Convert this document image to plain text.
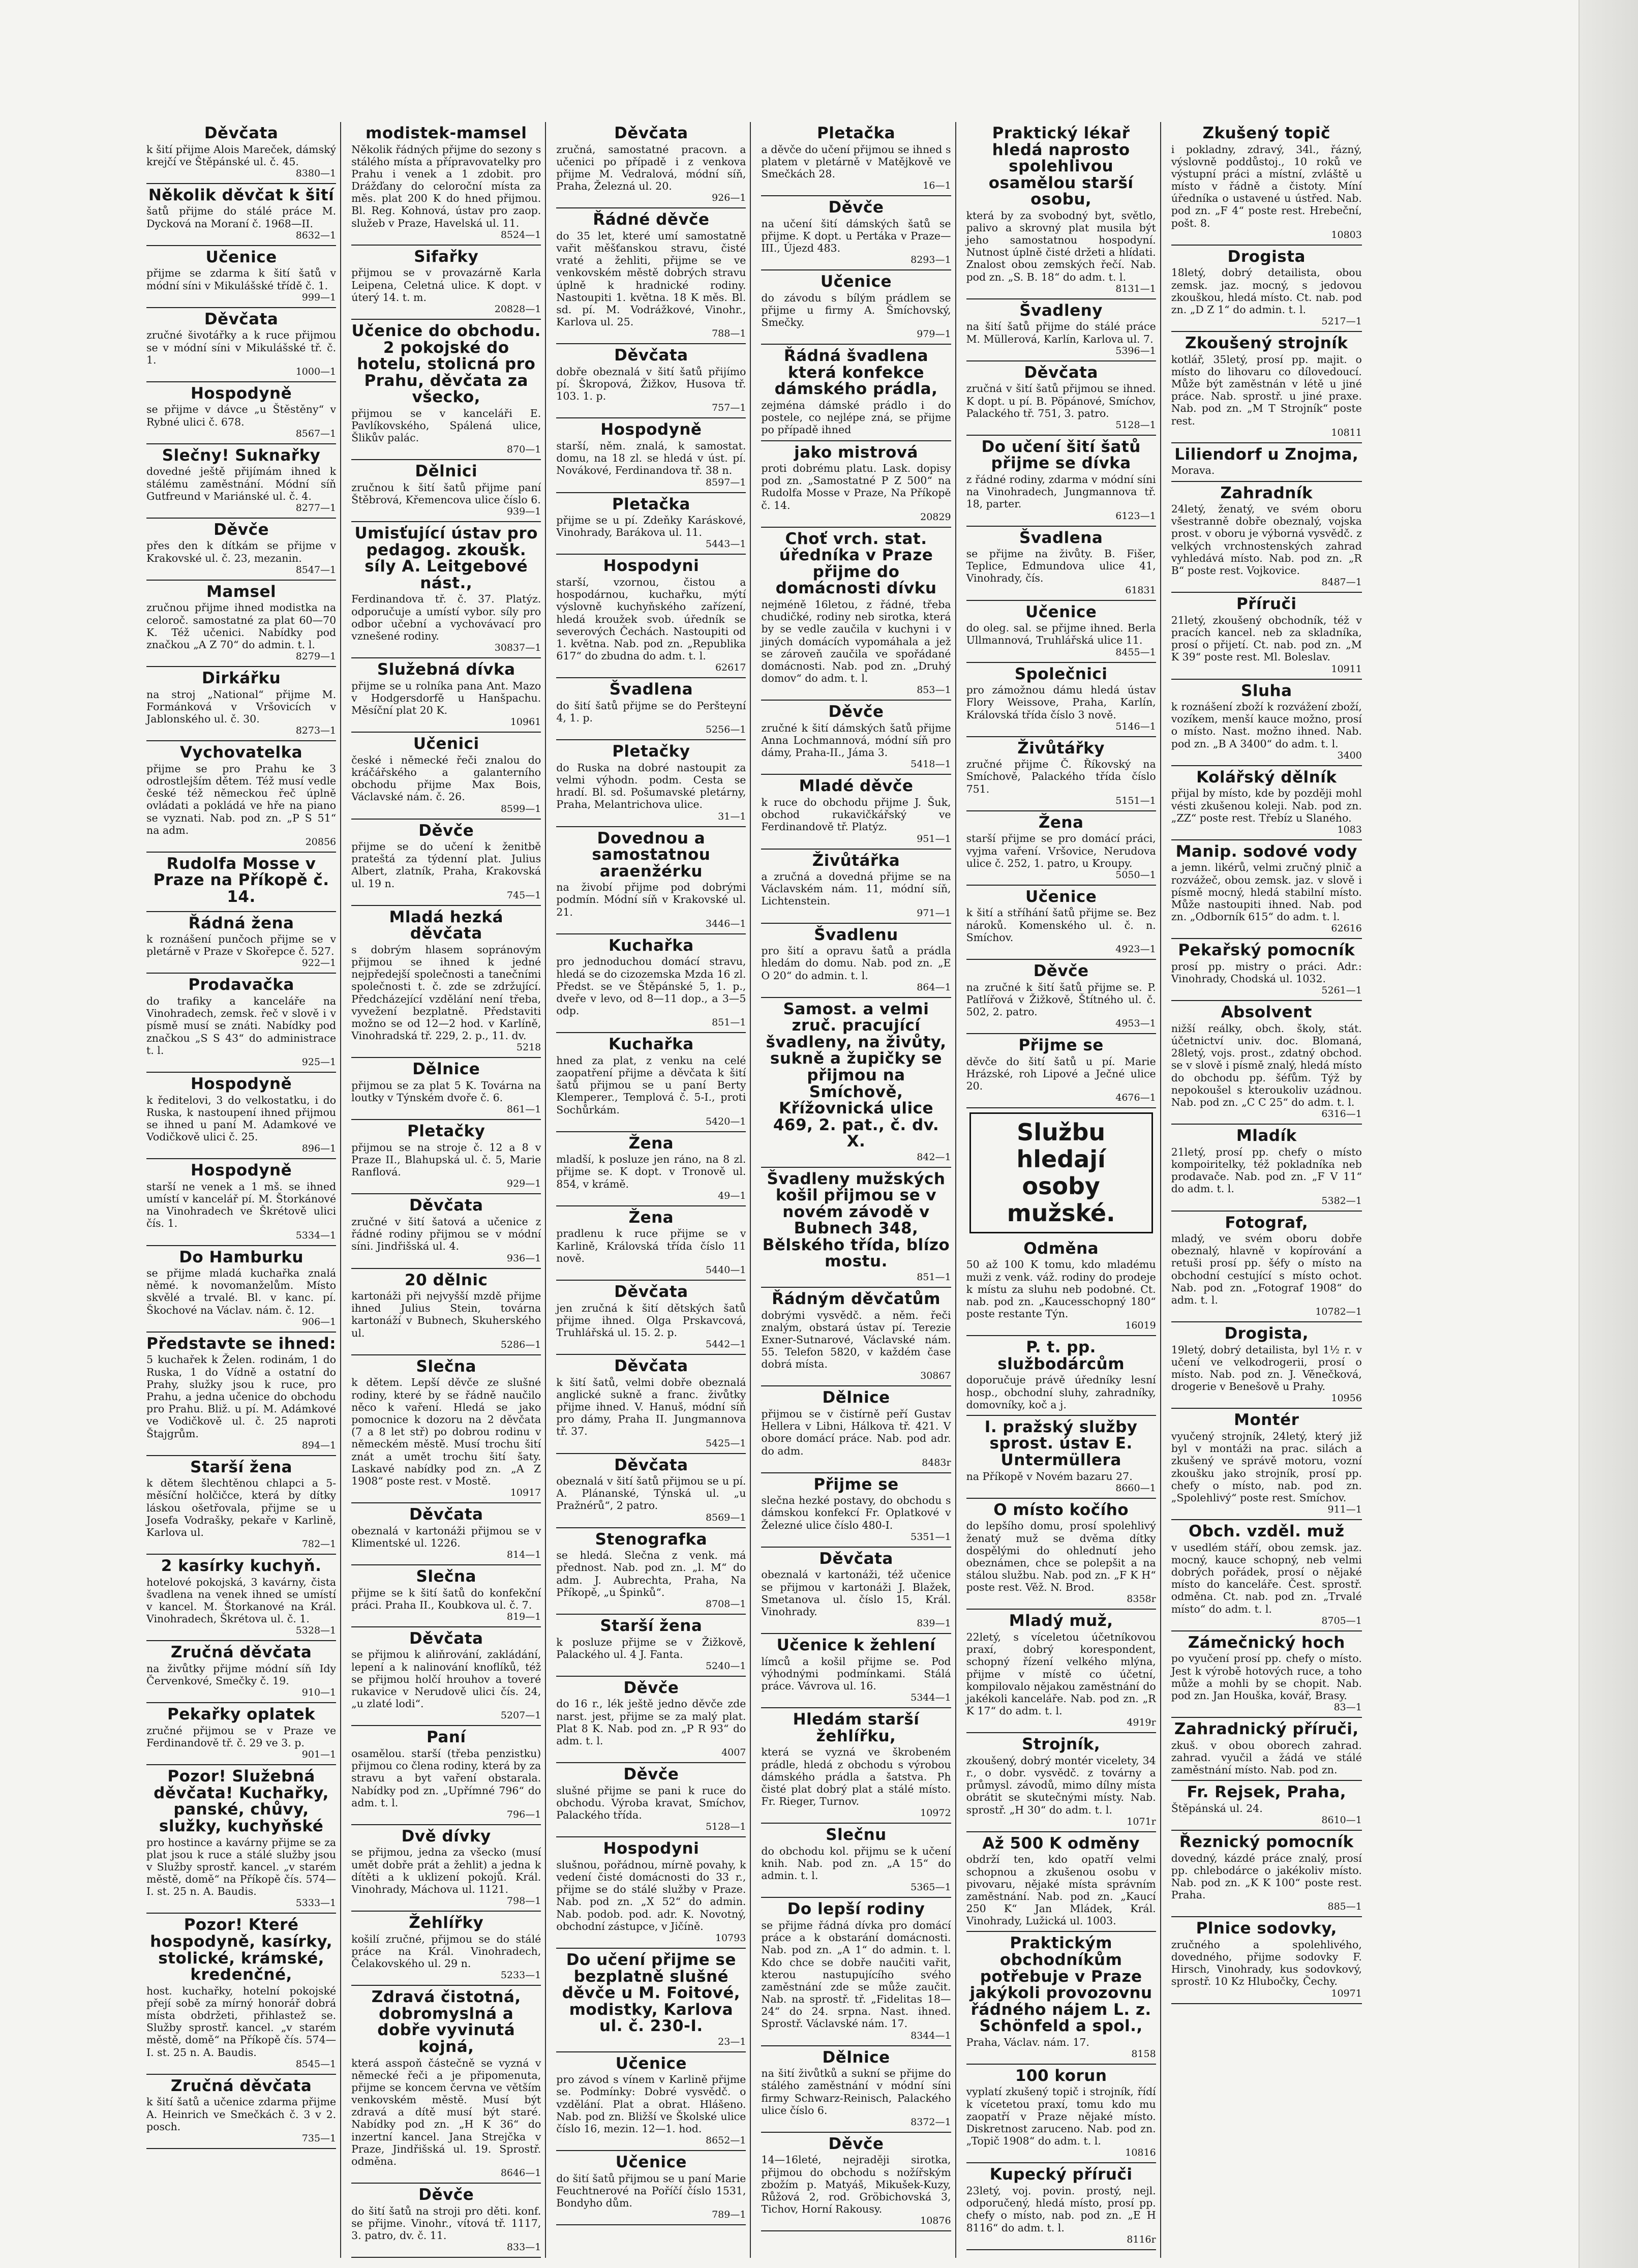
Děvčata

k šití přijme Alois Mareček, dámský krejčí ve Štěpánské ul. č. 45.

8380—1

Několik děvčat k šití

šatů přijme do stálé práce M. Dycková na Moraní č. 1968—II.

8632—1

Učenice

přijme se zdarma k šití šatů v módní síni v Mikulášské třídě č. 1.

999—1

Děvčata

zručné šivotářky a k ruce přijmou se v módní síni v Mikulášské tř. č. 1.

1000—1

Hospodyně

se přijme v dávce „u Štěstěny“ v Rybné ulici č. 678.

8567—1

Slečny! Suknařky

dovedné ještě přijímám ihned k stálému zaměstnání. Módní síň Gutfreund v Mariánské ul. č. 4.

8277—1

Děvče

přes den k dítkám se přijme v Krakovské ul. č. 23, mezanin.

8547—1

Mamsel

zručnou přijme ihned modistka na celoroč. samostatné za plat 60—70 K. Též učenici. Nabídky pod značkou „A Z 70“ do admin. t. l.

8279—1

Dirkářku

na stroj „National“ přijme M. Formánková v Vršovicích v Jablonského ul. č. 30.

8273—1

Vychovatelka

přijme se pro Prahu ke 3 odrostlejším dětem. Též musí vedle české též německou řeč úplně ovládati a pokládá ve hře na piano se vyznati. Nab. pod zn. „P S 51“ na adm.

20856

Rudolfa Mosse v Praze na Příkopě č. 14.
Řádná žena

k roznášení punčoch přijme se v pletárně v Praze v Skořepce č. 527.

922—1

Prodavačka

do trafiky a kanceláře na Vinohradech, zemsk. řeč v slově i v písmě musí se znáti. Nabídky pod značkou „S S 43“ do administrace t. l.

925—1

Hospodyně

k ředitelovi, 3 do velkostatku, i do Ruska, k nastoupení ihned přijmou se ihned u paní M. Adamkové ve Vodičkově ulici č. 25.

896—1

Hospodyně

starší ne venek a 1 mš. se ihned umístí v kancelář pí. M. Štorkánové na Vinohradech ve Škrétově ulici čís. 1.

5334—1

Do Hamburku

se přijme mladá kuchařka znalá němé. k novomanželům. Místo skvělé a trvalé. Bl. v kanc. pí. Škochové na Václav. nám. č. 12.

906—1

Představte se ihned:

5 kuchařek k Želen. rodinám, 1 do Ruska, 1 do Vídně a ostatní do Prahy, služky jsou k ruce, pro Prahu, a jedna učenice do obchodu pro Prahu. Bliž. u pí. M. Adámkové ve Vodičkově ul. č. 25 naproti Štajgrům.

894—1

Starší žena

k dětem šlechtěnou chlapci a 5-měsíční holčičce, která by dítky láskou ošetřovala, přijme se u Josefa Vodrašky, pekaře v Karlině, Karlova ul.

782—1

2 kasírky kuchyň.

hotelové pokojská, 3 kavárny, čista švadlena na venek ihned se umístí v kancel. M. Štorkanové na Král. Vinohradech, Škrétova ul. č. 1.

5328—1

Zručná děvčata

na živůtky přijme módní síň Idy Červenkové, Smečky č. 19.

910—1

Pekařky oplatek

zručné přijmou se v Praze ve Ferdinandově tř. č. 29 ve 3. p.

901—1

Pozor! Služebná děvčata! Kuchařky, panské, chůvy, služky, kuchyňské

pro hostince a kavárny přijme se za plat jsou k ruce a stálé služby jsou v Služby sprostř. kancel. „v starém městě, domě“ na Příkopě čís. 574—I. st. 25 n. A. Baudis.

5333—1

Pozor! Které hospodyně, kasírky, stolické, krámské, kredenčné,

host. kuchařky, hotelní pokojské přejí sobě za mírný honorář dobrá místa obdržeti, přihlastež se. Služby sprostř. kancel. „v starém městě, domě“ na Příkopě čís. 574—I. st. 25 n. A. Baudis.

8545—1

Zručná děvčata

k šití šatů a učenice zdarma přijme A. Heinrich ve Smečkách č. 3 v 2. posch.

735—1

modistek-mamsel

Několik řádných přijme do sezony s stálého místa a přípravovatelky pro Prahu i venek a 1 zdobit. pro Drážďany do celoroční místa za měs. plat 200 K do hned přijmou. Bl. Reg. Kohnová, ústav pro zaop. služeb v Praze, Havelská ul. 11.

8524—1

Sifařky

přijmou se v provazárně Karla Leipena, Celetná ulice. K dopt. v úterý 14. t. m.

20828—1

Učenice do obchodu. 2 pokojské do hotelu, stolicná pro Prahu, děvčata za všecko,

přijmou se v kanceláři E. Pavlíkovského, Spálená ulice, Šlikův palác.

870—1

Dělnici

zručnou k šití šatů přijme paní Štěbrová, Křemencova ulice číslo 6.

939—1

Umisťující ústav pro pedagog. zkoušk. síly A. Leitgebové nást.,

Ferdinandova tř. č. 37. Platýz. odporučuje a umístí vybor. síly pro odbor učební a vychovávací pro vznešené rodiny.

30837—1

Služebná dívka

přijme se u rolníka pana Ant. Mazo v Hodgersdorfě u Hanšpachu. Měsíční plat 20 K.

10961

Učenici

české i německé řeči znalou do kráčářského a galanterního obchodu přijme Max Bois, Václavské nám. č. 26.

8599—1

Děvče

přijme se do učení k ženitbě prateštá za týdenní plat. Julius Albert, zlatník, Praha, Krakovská ul. 19 n.

745—1

Mladá hezká děvčata

s dobrým hlasem sopránovým přijmou se ihned k jedné nejpředejší společnosti a tanečními společnosti t. č. zde se zdržující. Předcházející vzdělání není třeba, vyvežení bezplatně. Představiti možno se od 12—2 hod. v Karlíně, Vinohradská tř. 229, 2. p., 11. dv.

5218

Dělnice

přijmou se za plat 5 K. Továrna na loutky v Týnském dvoře č. 6.

861—1

Pletačky

přijmou se na stroje č. 12 a 8 v Praze II., Blahupská ul. č. 5, Marie Ranflová.

929—1

Děvčata

zručné v šití šatová a učenice z řádné rodiny přijmou se v módní síni. Jindřišská ul. 4.

936—1

20 dělnic

kartonáži při nejvyšší mzdě přijme ihned Julius Stein, továrna kartonáží v Bubnech, Skuherského ul.

5286—1

Slečna

k dětem. Lepší děvče ze slušné rodiny, které by se řádně naučilo něco k vaření. Hledá se jako pomocnice k dozoru na 2 děvčata (7 a 8 let stř) po dobrou rodinu v německém městě. Musí trochu šití znát a umět trochu šití šaty. Laskavé nabídky pod zn. „A Z 1908“ poste rest. v Mostě.

10917

Děvčata

obeznalá v kartonáži přijmou se v Klimentské ul. 1226.

814—1

Slečna

přijme se k šití šatů do konfekční práci. Praha II., Koubkova ul. č. 7.

819—1

Děvčata

se přijmou k aliňrování, zakládání, lepení a k nalinování knoflíků, též se přijmou holčí hrouhov a toveré rukavice v Nerudově ulici čís. 24, „u zlaté lodi“.

5207—1

Paní

osamělou. starší (třeba penzistku) přijmou co člena rodiny, která by za stravu a byt vaření obstarala. Nabídky pod zn. „Upřímné 796“ do adm. t. l.

796—1

Dvě dívky

se přijmou, jedna za všecko (musí umět dobře prát a žehlit) a jedna k dítěti a k uklizení pokojů. Král. Vinohrady, Máchova ul. 1121.

798—1

Žehlířky

košilí zručné, přijmou se do stálé práce na Král. Vinohradech, Čelakovského ul. 29 n.

5233—1

Zdravá čistotná, dobromyslná a dobře vyvinutá kojná,

která asspoň částečně se vyzná v německé řeči a je připomenuta, přijme se koncem června ve větším venkovském městě. Musí být zdravá a dítě musí být staré. Nabídky pod zn. „H K 36“ do inzertní kancel. Jana Strejčka v Praze, Jindřišská ul. 19. Sprostř. odměna.

8646—1

Děvče

do šití šatů na stroji pro děti. konf. se přijme. Vinohr., vítová tř. 1117, 3. patro, dv. č. 11.

833—1

Děvčata

zručná, samostatné pracovn. a učenici po případě i z venkova přijme M. Vedralová, módní síň, Praha, Železná ul. 20.

926—1

Řádné děvče

do 35 let, které umí samostatně vařit měšťanskou stravu, čisté vraté a žehliti, přijme se ve venkovském městě dobrých stravu úplně k hradnické rodiny. Nastoupiti 1. května. 18 K měs. Bl. sd. pí. M. Vodrážkové, Vinohr., Karlova ul. 25.

788—1

Děvčata

dobře obeznalá v šití šatů přijímo pí. Škropová, Žižkov, Husova tř. 103. 1. p.

757—1

Hospodyně

starší, něm. znalá, k samostat. domu, na 18 zl. se hledá v úst. pí. Novákové, Ferdinandova tř. 38 n.

8597—1

Pletačka

přijme se u pí. Zdeňky Karáskové, Vinohrady, Barákova ul. 11.

5443—1

Hospodyni

starší, vzornou, čistou a hospodárnou, kuchařku, mýtí výslovně kuchyňského zařízení, hledá kroužek svob. úředník se severových Čechách. Nastoupiti od 1. května. Nab. pod zn. „Republika 617“ do zbudna do adm. t. l.

62617

Švadlena

do šití šatů přijme se do Peršteyní 4, 1. p.

5256—1

Pletačky

do Ruska na dobré nastoupit za velmi výhodn. podm. Cesta se hradí. Bl. sd. Pošumavské pletárny, Praha, Melantrichova ulice.

31—1

Dovednou a samostatnou araenžérku

na živobí přijme pod dobrými podmín. Módní síň v Krakovské ul. 21.

3446—1

Kuchařka

pro jednoduchou domácí stravu, hledá se do cizozemska Mzda 16 zl. Předst. se ve Štěpánské 5, 1. p., dveře v levo, od 8—11 dop., a 3—5 odp.

851—1

Kuchařka

hned za plat, z venku na celé zaopatření přijme a děvčata k šití šatů přijmou se u paní Berty Klemperer., Templová č. 5-I., proti Sochůrkám.

5420—1

Žena

mladší, k posluze jen ráno, na 8 zl. přijme se. K dopt. v Tronově ul. 854, v krámě.

49—1

Žena

pradlenu k ruce přijme se v Karlině, Královská třída číslo 11 nově.

5440—1

Děvčata

jen zručná k šití dětských šatů přijme ihned. Olga Prskavcová, Truhlářská ul. 15. 2. p.

5442—1

Děvčata

k šití šatů, velmi dobře obeznalá anglické sukně a franc. živůtky přijme ihned. V. Hanuš, módní síň pro dámy, Praha II. Jungmannova tř. 37.

5425—1

Děvčata

obeznalá v šití šatů přijmou se u pí. A. Plánanské, Týnská ul. „u Pražnérů“, 2 patro.

8569—1

Stenografka

se hledá. Slečna z venk. má přednost. Nab. pod zn. „l. M“ do adm. J. Aubrechta, Praha, Na Příkopě, „u Špinků“.

8708—1

Starší žena

k posluze přijme se v Žižkově, Palackého ul. 4 J. Fanta.

5240—1

Děvče

do 16 r., lék ještě jedno děvče zde narst. jest, přijme se za malý plat. Plat 8 K. Nab. pod zn. „P R 93“ do adm. t. l.

4007

Děvče

slušné přijme se pani k ruce do obchodu. Výroba kravat, Smíchov, Palackého třída.

5128—1

Hospodyni

slušnou, pořádnou, mírně povahy, k vedení čisté domácnosti do 33 r., přijme se do stálé služby v Praze. Nab. pod zn. „X 52“ do admin. Nab. podob. pod. adr. K. Novotný, obchodní zástupce, v Jičíně.

10793

Do učení přijme se bezplatně slušné děvče u M. Foitové, modistky, Karlova ul. č. 230-I.

23—1

Učenice

pro závod s vínem v Karlině přijme se. Podmínky: Dobré vysvědč. o vzdělání. Plat a obrat. Hlášeno. Nab. pod zn. Bližší ve Školské ulice číslo 16, mezin. 12—1. hod.

8652—1

Učenice

do šití šatů přijmou se u paní Marie Feuchtnerové na Poříčí číslo 1531, Bondyho dům.

789—1

Pletačka

a děvče do učení přijmou se ihned s platem v pletárně v Matějkově ve Smečkách 28.

16—1

Děvče

na učení šití dámských šatů se přijme. K dopt. u Pertáka v Praze—III., Újezd 483.

8293—1

Učenice

do závodu s bílým prádlem se přijme u firmy A. Šmíchovský, Smečky.

979—1

Řádná švadlena která konfekce dámského prádla,

zejména dámské prádlo i do postele, co nejlépe zná, se přijme po případě ihned

jako mistrová

proti dobrému platu. Lask. dopisy pod zn. „Samostatné P Z 500“ na Rudolfa Mosse v Praze, Na Příkopě č. 14.

20829

Choť vrch. stat. úředníka v Praze přijme do domácnosti dívku

nejméně 16letou, z řádné, třeba chudičké, rodiny neb sirotka, která by se vedle zaučila v kuchyni i v jiných domácích vypomáhala a jež se zároveň zaučila ve spořádané domácnosti. Nab. pod zn. „Druhý domov“ do adm. t. l.

853—1

Děvče

zručné k šití dámských šatů přijme Anna Lochmannová, módní síň pro dámy, Praha-II., Jáma 3.

5418—1

Mladé děvče

k ruce do obchodu přijme J. Šuk, obchod rukavičkářský ve Ferdinandově tř. Platýz.

951—1

Živůtářka

a zručná a dovedná přijme se na Václavském nám. 11, módní síň, Lichtenstein.

971—1

Švadlenu

pro šití a opravu šatů a prádla hledám do domu. Nab. pod zn. „E O 20“ do admin. t. l.

864—1

Samost. a velmi zruč. pracující švadleny, na živůty, sukně a župičky se přijmou na Smíchově, Křížovnická ulice 469, 2. pat., č. dv. X.

842—1

Švadleny mužských košil přijmou se v novém závodě v Bubnech 348, Bělského třída, blízo mostu.

851—1

Řádným děvčatům

dobrými vysvědč. a něm. řeči znalým, obstará ústav pí. Terezie Exner-Sutnarové, Václavské nám. 55. Telefon 5820, v každém čase dobrá místa.

30867

Dělnice

přijmou se v čistírně peří Gustav Hellera v Libni, Hálkova tř. 421. V obore domácí práce. Nab. pod adr. do adm.

8483r

Přijme se

slečna hezké postavy, do obchodu s dámskou konfekcí Fr. Oplatkové v Železné ulice číslo 480-I.

5351—1

Děvčata

obeznalá v kartonáži, též učenice se přijmou v kartonáži J. Blažek, Smetanova ul. číslo 15, Král. Vinohrady.

839—1

Učenice k žehlení

límců a košil přijme se. Pod výhodnými podmínkami. Stálá práce. Vávrova ul. 16.

5344—1

Hledám starší žehlířku,

která se vyzná ve škrobeném prádle, hledá z obchodu s výrobou dámského prádla a šatstva. Ph čisté plat dobrý plat a stálé místo. Fr. Rieger, Turnov.

10972

Slečnu

do obchodu kol. přijmu se k učení knih. Nab. pod zn. „A 15“ do admin. t. l.

5365—1

Do lepší rodiny

se přijme řádná dívka pro domácí práce a k obstarání domácnosti. Nab. pod zn. „A 1“ do admin. t. l. Kdo chce se dobře naučiti vařit, kterou nastupujícího svého zaměstnání zde se může zaučit. Nab. na sprostř. tř. „Fidelitas 18—24“ do 24. srpna. Nast. ihned. Sprostř. Václavské nám. 17.

8344—1

Dělnice

na šití živůtků a sukní se přijme do stálého zaměstnání v módní síni firmy Schwarz-Reinisch, Palackého ulice číslo 6.

8372—1

Děvče

14—16leté, nejraději sirotka, přijmou do obchodu s nožířským zbožím p. Matyáš, Mikušek-Kuzy, Růžová 2, rod. Gröbichovská 3, Tichov, Horní Rakousy.

10876

Praktický lékař hledá naprosto spolehlivou osamělou starší osobu,

která by za svobodný byt, světlo, palivo a skrovný plat musila být jeho samostatnou hospodyní. Nutnost úplně čisté držeti a hlídati. Znalost obou zemských řečí. Nab. pod zn. „S. B. 18“ do adm. t. l.

8131—1

Švadleny

na šití šatů přijme do stálé práce M. Müllerová, Karlín, Karlova ul. 7.

5396—1

Děvčata

zručná v šití šatů přijmou se ihned. K dopt. u pí. B. Pöpánové, Smíchov, Palackého tř. 751, 3. patro.

5128—1

Do učení šití šatů přijme se dívka

z řádné rodiny, zdarma v módní síni na Vinohradech, Jungmannova tř. 18, parter.

6123—1

Švadlena

se přijme na živůty. B. Fišer, Teplice, Edmundova ulice 41, Vinohrady, čís.

61831

Učenice

do oleg. sal. se přijme ihned. Berla Ullmannová, Truhlářská ulice 11.

8455—1

Společnici

pro zámožnou dámu hledá ústav Flory Weissove, Praha, Karlín, Královská třída číslo 3 nově.

5146—1

Živůtářky

zručné přijme Č. Říkovský na Smíchově, Palackého třída číslo 751.

5151—1

Žena

starší přijme se pro domácí práci, vyjma vaření. Vršovice, Nerudova ulice č. 252, 1. patro, u Kroupy.

5050—1

Učenice

k šití a stříhání šatů přijme se. Bez nároků. Komenského ul. č. n. Smíchov.

4923—1

Děvče

na zručné k šití šatů přijme se. P. Patlířová v Žižkově, Štítného ul. č. 502, 2. patro.

4953—1

Přijme se

děvče do šití šatů u pí. Marie Hrázské, roh Lipové a Ječné ulice 20.

4676—1

Službu hledají osoby mužské.
Odměna

50 až 100 K tomu, kdo mladému muži z venk. váž. rodiny do prodeje k místu za sluhu neb podobné. Ct. nab. pod zn. „Kaucesschopný 180“ poste restante Týn.

16019

P. t. pp. službodárcům

doporučuje právě úředníky lesní hosp., obchodní sluhy, zahradníky, domovníky, koč a j.

I. pražský služby sprost. ústav E. Untermüllera

na Příkopě v Novém bazaru 27.

8660—1

O místo kočího

do lepšího domu, prosí spolehlivý ženatý muž se dvěma dítky dospělými do ohlednutí jeho obeznámen, chce se polepšit a na stálou službu. Nab. pod zn. „F K H“ poste rest. Věž. N. Brod.

8358r

Mladý muž,

22letý, s víceletou účetníkovou praxí, dobrý korespondent, schopný řízení velkého mlýna, přijme v místě co účetní, kompilovalo nějakou zaměstnání do jakékoli kanceláře. Nab. pod zn. „R K 17“ do adm. t. l.

4919r

Strojník,

zkoušený, dobrý montér vicelety, 34 r., o dobr. vysvědč. z továrny a průmysl. závodů, mimo dílny místa obrátit se skutečnými místy. Nab. sprostř. „H 30“ do adm. t. l.

1071r

Až 500 K odměny

obdrží ten, kdo opatří velmi schopnou a zkušenou osobu v pivovaru, nějaké místa správním zaměstnání. Nab. pod zn. „Kaucí 250 K“ Jan Mládek, Král. Vinohrady, Lužická ul. 1003.

Praktickým obchodníkům potřebuje v Praze jakýkoli provozovnu řádného nájem L. z. Schönfeld a spol.,

Praha, Václav. nám. 17.

8158

100 korun

vyplatí zkušený topič i strojník, řídí k vícetetou praxí, tomu kdo mu zaopatří v Praze nějaké místo. Diskretnost zaruceno. Nab. pod zn. „Topič 1908“ do adm. t. l.

10816

Kupecký příruči

23letý, voj. povin. prostý, nejl. odporučený, hledá místo, prosí pp. chefy o místo, nab. pod zn. „E H 8116“ do adm. t. l.

8116r

Zkušený topič

i pokladny, zdravý, 34l., řázný, výslovně poddůstoj., 10 roků ve výstupní práci a místní, zvláště u místo v řádně a čistoty. Míní úředníka o ustavené u ústřed. Nab. pod zn. „F 4“ poste rest. Hrebeční, pošt. 8.

10803

Drogista

18letý, dobrý detailista, obou zemsk. jaz. mocný, s jedovou zkouškou, hledá místo. Ct. nab. pod zn. „D Z 1“ do admin. t. l.

5217—1

Zkoušený strojník

kotlář, 35letý, prosí pp. majit. o místo do lihovaru co dílovedoucí. Může být zaměstnán v létě u jiné práce. Nab. sprostř. u jiné praxe. Nab. pod zn. „M T Strojník“ poste rest.

10811

Liliendorf u Znojma,

Morava.

Zahradník

24letý, ženatý, ve svém oboru všestranně dobře obeznalý, vojska prost. v oboru je výborná vysvědč. z velkých vrchnostenských zahrad vyhledává místo. Nab. pod zn. „R B“ poste rest. Vojkovice.

8487—1

Příruči

21letý, zkoušený obchodník, též v pracích kancel. neb za skladníka, prosí o přijetí. Ct. nab. pod zn. „M K 39“ poste rest. Ml. Boleslav.

10911

Sluha

k roznášení zboží k rozvážení zboží, vozíkem, menší kauce možno, prosí o místo. Nast. možno ihned. Nab. pod zn. „B A 3400“ do adm. t. l.

3400

Kolářský dělník

přijal by místo, kde by později mohl vésti zkušenou koleji. Nab. pod zn. „ZZ“ poste rest. Třebíz u Slaného.

1083

Manip. sodové vody

a jemn. likérů, velmi zručný plnič a rozvážeč, obou zemsk. jaz. v slově i písmě mocný, hledá stabilní místo. Může nastoupiti ihned. Nab. pod zn. „Odborník 615“ do adm. t. l.

62616

Pekařský pomocník

prosí pp. mistry o práci. Adr.: Vinohrady, Chodská ul. 1032.

5261—1

Absolvent

nižší reálky, obch. školy, stát. účetnictví univ. doc. Blomaná, 28letý, vojs. prost., zdatný obchod. se v slově i písmě znalý, hledá místo do obchodu pp. šéfům. Týž by nepokoušel s kteroukoliv uzádnou. Nab. pod zn. „C C 25“ do adm. t. l.

6316—1

Mladík

21letý, prosí pp. chefy o místo kompoiritelky, též pokladníka neb prodavače. Nab. pod zn. „F V 11“ do adm. t. l.

5382—1

Fotograf,

mladý, ve svém oboru dobře obeznalý, hlavně v kopírování a retuši prosí pp. šéfy o místo na obchodní cestující s místo ochot. Nab. pod zn. „Fotograf 1908“ do adm. t. l.

10782—1

Drogista,

19letý, dobrý detailista, byl 1½ r. v učení ve velkodrogerii, prosí o místo. Nab. pod zn. J. Věnečková, drogerie v Benešově u Prahy.

10956

Montér

vyučený strojník, 24letý, který již byl v montáži na prac. silách a zkušený ve správě motoru, vozní zkoušku jako strojník, prosí pp. chefy o místo, nab. pod zn. „Spolehlivý“ poste rest. Smíchov.

911—1

Obch. vzděl. muž

v usedlém stáří, obou zemsk. jaz. mocný, kauce schopný, neb velmi dobrých pořádek, prosí o nějaké místo do kanceláře. Čest. sprostř. odměna. Ct. nab. pod zn. „Trvalé místo“ do adm. t. l.

8705—1

Zámečnický hoch

po vyučení prosí pp. chefy o místo. Jest k výrobě hotových ruce, a toho může a mohli by se chopit. Nab. pod zn. Jan Houška, kovář, Brasy.

83—1

Zahradnický příruči,

zkuš. v obou oborech zahrad. zahrad. vyučil a žádá ve stálé zaměstnání místo. Nab. pod zn.

Fr. Rejsek, Praha,

Štěpánská ul. 24.

8610—1

Řeznický pomocník

dovedný, kázdé práce znalý, prosí pp. chlebodárce o jakékoliv místo. Nab. pod zn. „K K 100“ poste rest. Praha.

885—1

Plnice sodovky,

zručného a spolehlivého, dovedného, přijme sodovky F. Hirsch, Vinohrady, kus sodovkový, sprostř. 10 Kz Hlubočky, Čechy.

10971
